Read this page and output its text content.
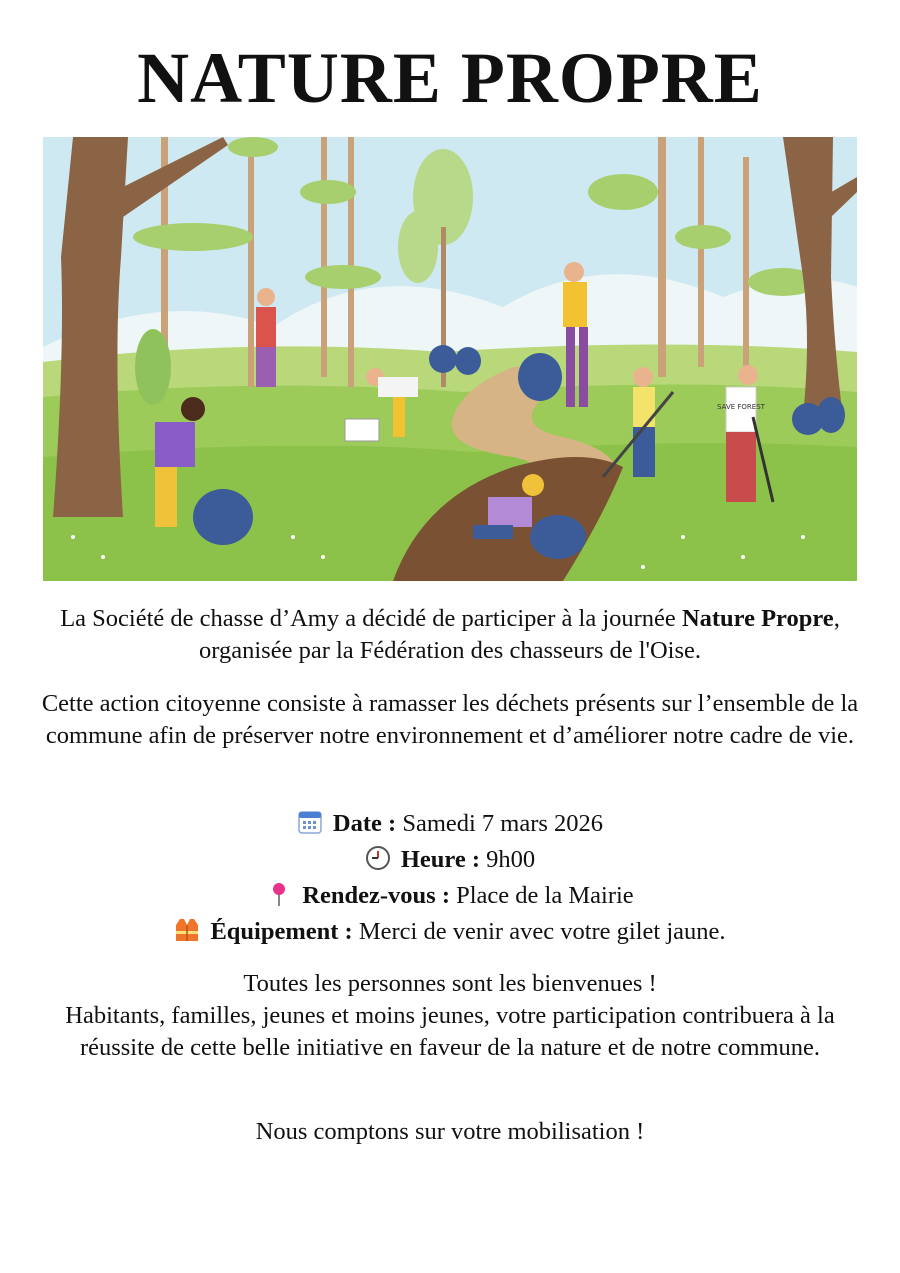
NATURE PROPRE
SAVE FOREST
La Société de chasse d’Amy a décidé de participer à la journée Nature Propre, organisée par la Fédération des chasseurs de l'Oise.
Cette action citoyenne consiste à ramasser les déchets présents sur l’ensemble de la commune afin de préserver notre environnement et d’améliorer notre cadre de vie.
Date : Samedi 7 mars 2026
Heure : 9h00
Rendez-vous : Place de la Mairie
Équipement : Merci de venir avec votre gilet jaune.
Toutes les personnes sont les bienvenues !
Habitants, familles, jeunes et moins jeunes, votre participation contribuera à la réussite de cette belle initiative en faveur de la nature et de notre commune.
Nous comptons sur votre mobilisation !
